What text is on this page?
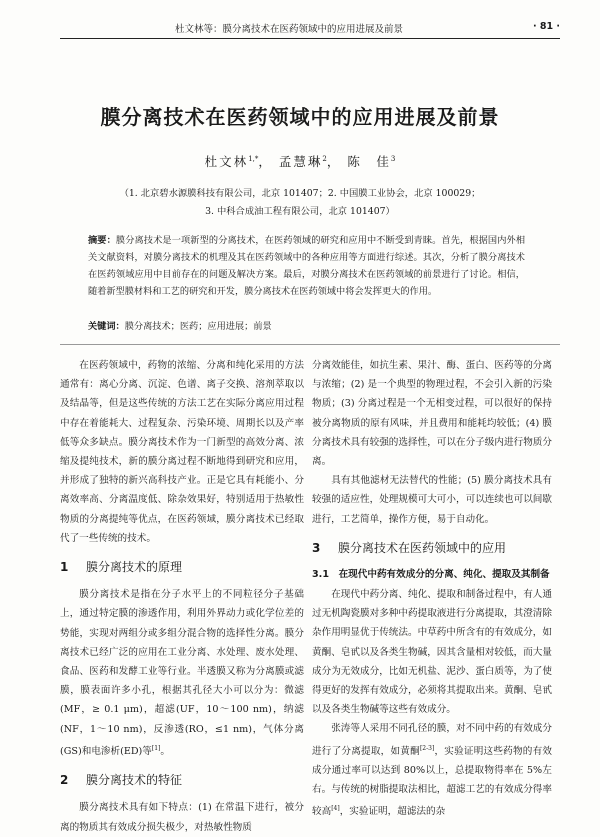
杜文林等：膜分离技术在医药领域中的应用进展及前景	· 81 ·
膜分离技术在医药领域中的应用进展及前景
杜文林$^{1,*}$， 孟慧琳$^2$， 陈　佳$^3$
（1. 北京碧水源膜科技有限公司，北京 101407；2. 中国膜工业协会，北京 100029；
3. 中科合成油工程有限公司，北京 101407）
摘要：膜分离技术是一项新型的分离技术，在医药领域的研究和应用中不断受到青睐。首先，根据国内外相关文献资料，对膜分离技术的机理及其在医药领域中的各种应用等方面进行综述。其次，分析了膜分离技术在医药领域应用中目前存在的问题及解决方案。最后，对膜分离技术在医药领域的前景进行了讨论。相信，随着新型膜材料和工艺的研究和开发，膜分离技术在医药领域中将会发挥更大的作用。
关键词：膜分离技术；医药；应用进展；前景

在医药领域中，药物的浓缩、分离和纯化采用的方法通常有：离心分离、沉淀、色谱、离子交换、溶剂萃取以及结晶等，但是这些传统的方法工艺在实际分离应用过程中存在着能耗大、过程复杂、污染环境、周期长以及产率低等众多缺点。膜分离技术作为一门新型的高效分离、浓缩及提纯技术，新的膜分离过程不断地得到研究和应用，并形成了独特的新兴高科技产业。正是它具有耗能小、分离效率高、分离温度低、除杂效果好，特别适用于热敏性物质的分离提纯等优点，在医药领域，膜分离技术已经取代了一些传统的技术。

1 膜分离技术的原理

膜分离技术是指在分子水平上的不同粒径分子基础上，通过特定膜的渗透作用，利用外界动力或化学位差的势能，实现对两组分或多组分混合物的选择性分离。膜分离技术已经广泛的应用在工业分离、水处理、废水处理、食品、医药和发酵工业等行业。半透膜又称为分离膜或滤膜，膜表面许多小孔，根据其孔径大小可以分为：微滤(MF，≥ 0.1 μm)，超滤(UF，10～100 nm)，纳滤(NF，1～10 nm)，反渗透(RO，≤1 nm)，气体分离(GS)和电渗析(ED)等[1]。

2 膜分离技术的特征

膜分离技术具有如下特点：(1) 在常温下进行，被分离的物质其有效成分损失极少，对热敏性物质

分离效能佳，如抗生素、果汁、酶、蛋白、医药等的分离与浓缩；(2) 是一个典型的物理过程，不会引入新的污染物质；(3) 分离过程是一个无相变过程，可以很好的保持被分离物质的原有风味，并且费用和能耗均较低；(4) 膜分离技术具有较强的选择性，可以在分子级内进行物质分离。

具有其他滤材无法替代的性能；(5) 膜分离技术具有较强的适应性，处理规模可大可小，可以连续也可以间歇进行，工艺简单，操作方便，易于自动化。

3 膜分离技术在医药领域中的应用
3.1　在现代中药有效成分的分离、纯化、提取及其制备

在现代中药分离、纯化、提取和制备过程中，有人通过无机陶瓷膜对多种中药提取液进行分离提取，其澄清除杂作用明显优于传统法。中草药中所含有的有效成分，如黄酮、皂甙以及各类生物碱，因其含量相对较低，而大量成分为无效成分，比如无机盐、泥沙、蛋白质等，为了使得更好的发挥有效成分，必须将其提取出来。黄酮、皂甙以及各类生物碱等这些有效成分。

张涛等人采用不同孔径的膜，对不同中药的有效成分进行了分离提取，如黄酮[2-3]，实验证明这些药物的有效成分通过率可以达到 80%以上，总提取物得率在 5%左右。与传统的树脂提取法相比，超滤工艺的有效成分得率较高[4]，实验证明，超滤法的杂
